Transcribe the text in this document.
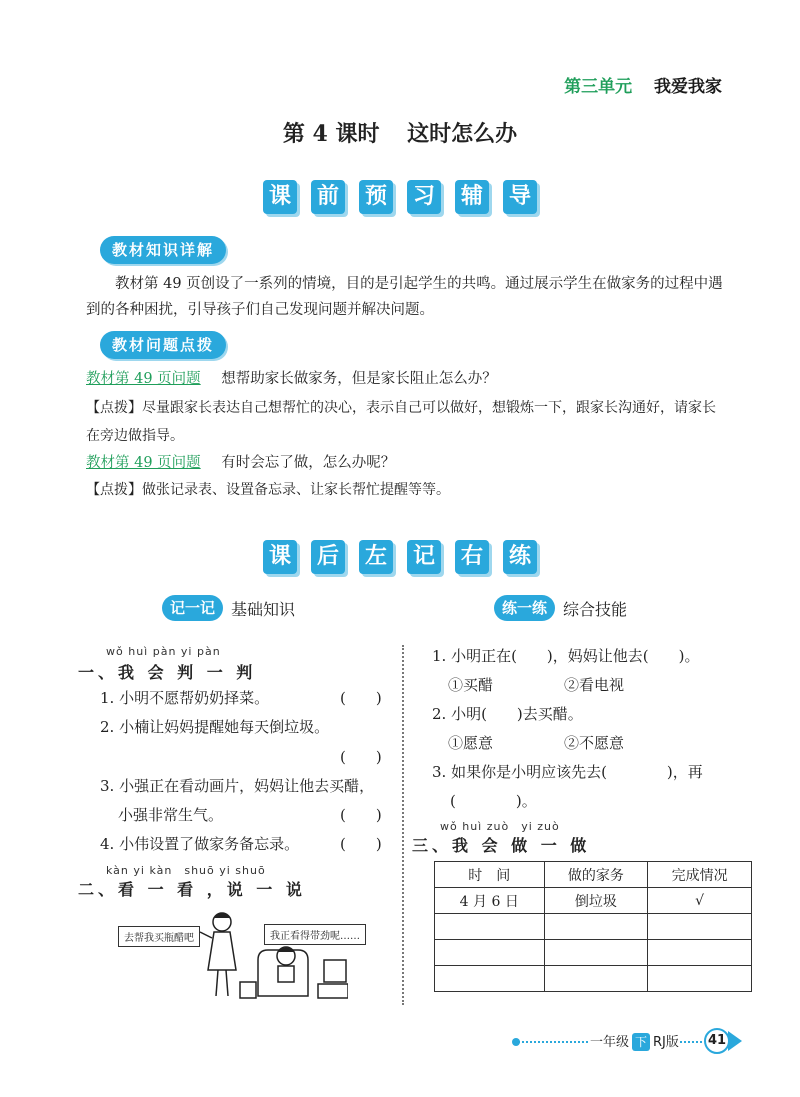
第三单元 我爱我家
第 4 课时 这时怎么办
课 前 预 习 辅 导
教材知识详解
教材第 49 页创设了一系列的情境，目的是引起学生的共鸣。通过展示学生在做家务的过程中遇到的各种困扰，引导孩子们自己发现问题并解决问题。
教材问题点拨
教材第 49 页问题 想帮助家长做家务，但是家长阻止怎么办？
【点拨】尽量跟家长表达自己想帮忙的决心，表示自己可以做好，想锻炼一下，跟家长沟通好，请家长在旁边做指导。
教材第 49 页问题 有时会忘了做，怎么办呢？
【点拨】做张记录表、设置备忘录、让家长帮忙提醒等等。
课 后 左 记 右 练
记一记	基础知识	练一练	综合技能
wǒ huì pàn yi pàn
一、我 会 判 一 判
1. 小明不愿帮奶奶择菜。	(　　)
2. 小楠让妈妈提醒她每天倒垃圾。
(　　)
3. 小强正在看动画片，妈妈让他去买醋，
小强非常生气。	(　　)
4. 小伟设置了做家务备忘录。	(　　)
kàn yi kàn　shuō yi shuō
二、看 一 看 ，说 一 说
去帮我买瓶醋吧	我正看得带劲呢……
1. 小明正在(　　)，妈妈让他去(　　)。
①买醋	②看电视
2. 小明(　　)去买醋。
①愿意	②不愿意
3. 如果你是小明应该先去(　　　　)，再
(　　　　)。
wǒ huì zuò　yi zuò
三、我 会 做 一 做
时　间	做的家务	完成情况
4 月 6 日	倒垃圾	√

一年级 下 RJ版	41
